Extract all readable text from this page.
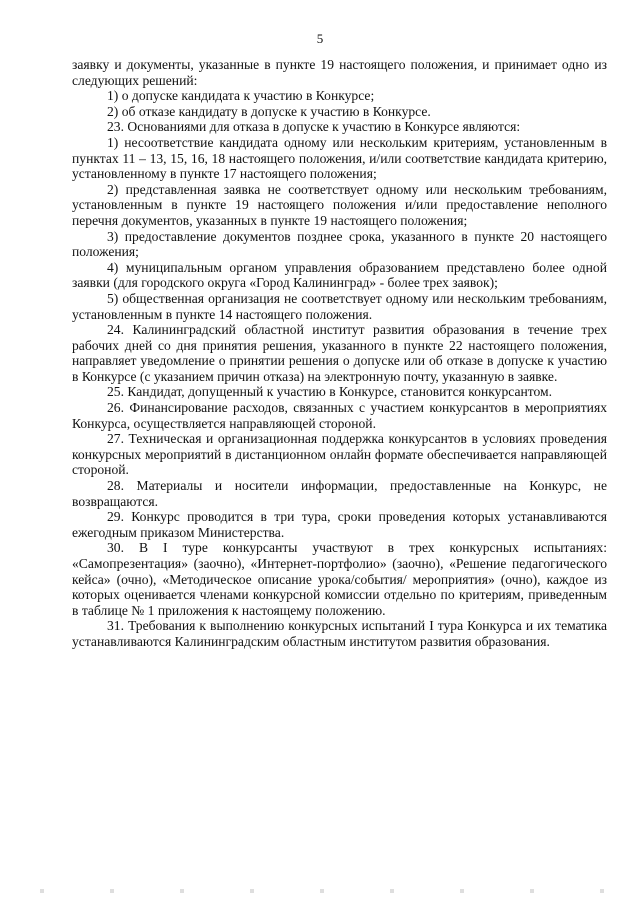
5

заявку и документы, указанные в пункте 19 настоящего положения, и принимает одно из следующих решений:

1) о допуске кандидата к участию в Конкурсе;

2) об отказе кандидату в допуске к участию в Конкурсе.

23. Основаниями для отказа в допуске к участию в Конкурсе являются:

1) несоответствие кандидата одному или нескольким критериям, установленным в пунктах 11 – 13, 15, 16, 18 настоящего положения, и/или соответствие кандидата критерию, установленному в пункте 17 настоящего положения;

2) представленная заявка не соответствует одному или нескольким требованиям, установленным в пункте 19 настоящего положения и/или предоставление неполного перечня документов, указанных в пункте 19 настоящего положения;

3) предоставление документов позднее срока, указанного в пункте 20 настоящего положения;

4) муниципальным органом управления образованием представлено более одной заявки (для городского округа «Город Калининград» - более трех заявок);

5) общественная организация не соответствует одному или нескольким требованиям, установленным в пункте 14 настоящего положения.

24. Калининградский областной институт развития образования в течение трех рабочих дней со дня принятия решения, указанного в пункте 22 настоящего положения, направляет уведомление о принятии решения о допуске или об отказе в допуске к участию в Конкурсе (с указанием причин отказа) на электронную почту, указанную в заявке.

25. Кандидат, допущенный к участию в Конкурсе, становится конкурсантом.

26. Финансирование расходов, связанных с участием конкурсантов в мероприятиях Конкурса, осуществляется направляющей стороной.

27. Техническая и организационная поддержка конкурсантов в условиях проведения конкурсных мероприятий в дистанционном онлайн формате обеспечивается направляющей стороной.

28. Материалы и носители информации, предоставленные на Конкурс, не возвращаются.

29. Конкурс проводится в три тура, сроки проведения которых устанавливаются ежегодным приказом Министерства.

30. В I туре конкурсанты участвуют в трех конкурсных испытаниях: «Самопрезентация» (заочно), «Интернет-портфолио» (заочно), «Решение педагогического кейса» (очно), «Методическое описание урока/события/ мероприятия» (очно), каждое из которых оценивается членами конкурсной комиссии отдельно по критериям, приведенным в таблице № 1 приложения к настоящему положению.

31. Требования к выполнению конкурсных испытаний I тура Конкурса и их тематика устанавливаются Калининградским областным институтом развития образования.
